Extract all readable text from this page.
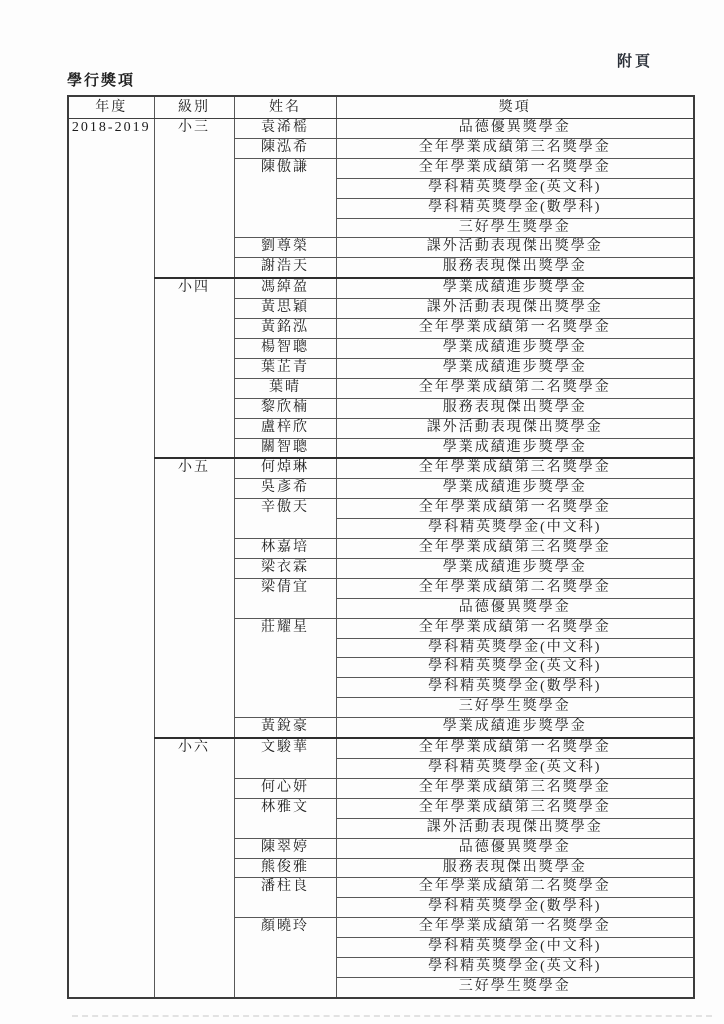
附頁
學行獎項
年度	級別	姓名	獎項
2018-2019	小三	袁浠榣	品德優異獎學金
		陳泓希	全年學業成績第三名獎學金
		陳傲謙	全年學業成績第一名獎學金
			學科精英獎學金(英文科)
			學科精英獎學金(數學科)
			三好學生獎學金
		劉尊榮	課外活動表現傑出獎學金
		謝浩天	服務表現傑出獎學金
	小四	馮綽盈	學業成績進步獎學金
		黃思穎	課外活動表現傑出獎學金
		黃銘泓	全年學業成績第一名獎學金
		楊智聰	學業成績進步獎學金
		葉芷青	學業成績進步獎學金
		葉晴	全年學業成績第二名獎學金
		黎欣楠	服務表現傑出獎學金
		盧梓欣	課外活動表現傑出獎學金
		關智聰	學業成績進步獎學金
	小五	何焯琳	全年學業成績第三名獎學金
		吳彥希	學業成績進步獎學金
		辛傲天	全年學業成績第一名獎學金
			學科精英獎學金(中文科)
		林嘉培	全年學業成績第三名獎學金
		梁衣霖	學業成績進步獎學金
		梁倩宜	全年學業成績第二名獎學金
			品德優異獎學金
		莊耀星	全年學業成績第一名獎學金
			學科精英獎學金(中文科)
			學科精英獎學金(英文科)
			學科精英獎學金(數學科)
			三好學生獎學金
		黃銳豪	學業成績進步獎學金
	小六	文駿華	全年學業成績第一名獎學金
			學科精英獎學金(英文科)
		何心妍	全年學業成績第三名獎學金
		林雅文	全年學業成績第三名獎學金
			課外活動表現傑出獎學金
		陳翠婷	品德優異獎學金
		熊俊雅	服務表現傑出獎學金
		潘柱良	全年學業成績第二名獎學金
			學科精英獎學金(數學科)
		顏曉玲	全年學業成績第一名獎學金
			學科精英獎學金(中文科)
			學科精英獎學金(英文科)
			三好學生獎學金
